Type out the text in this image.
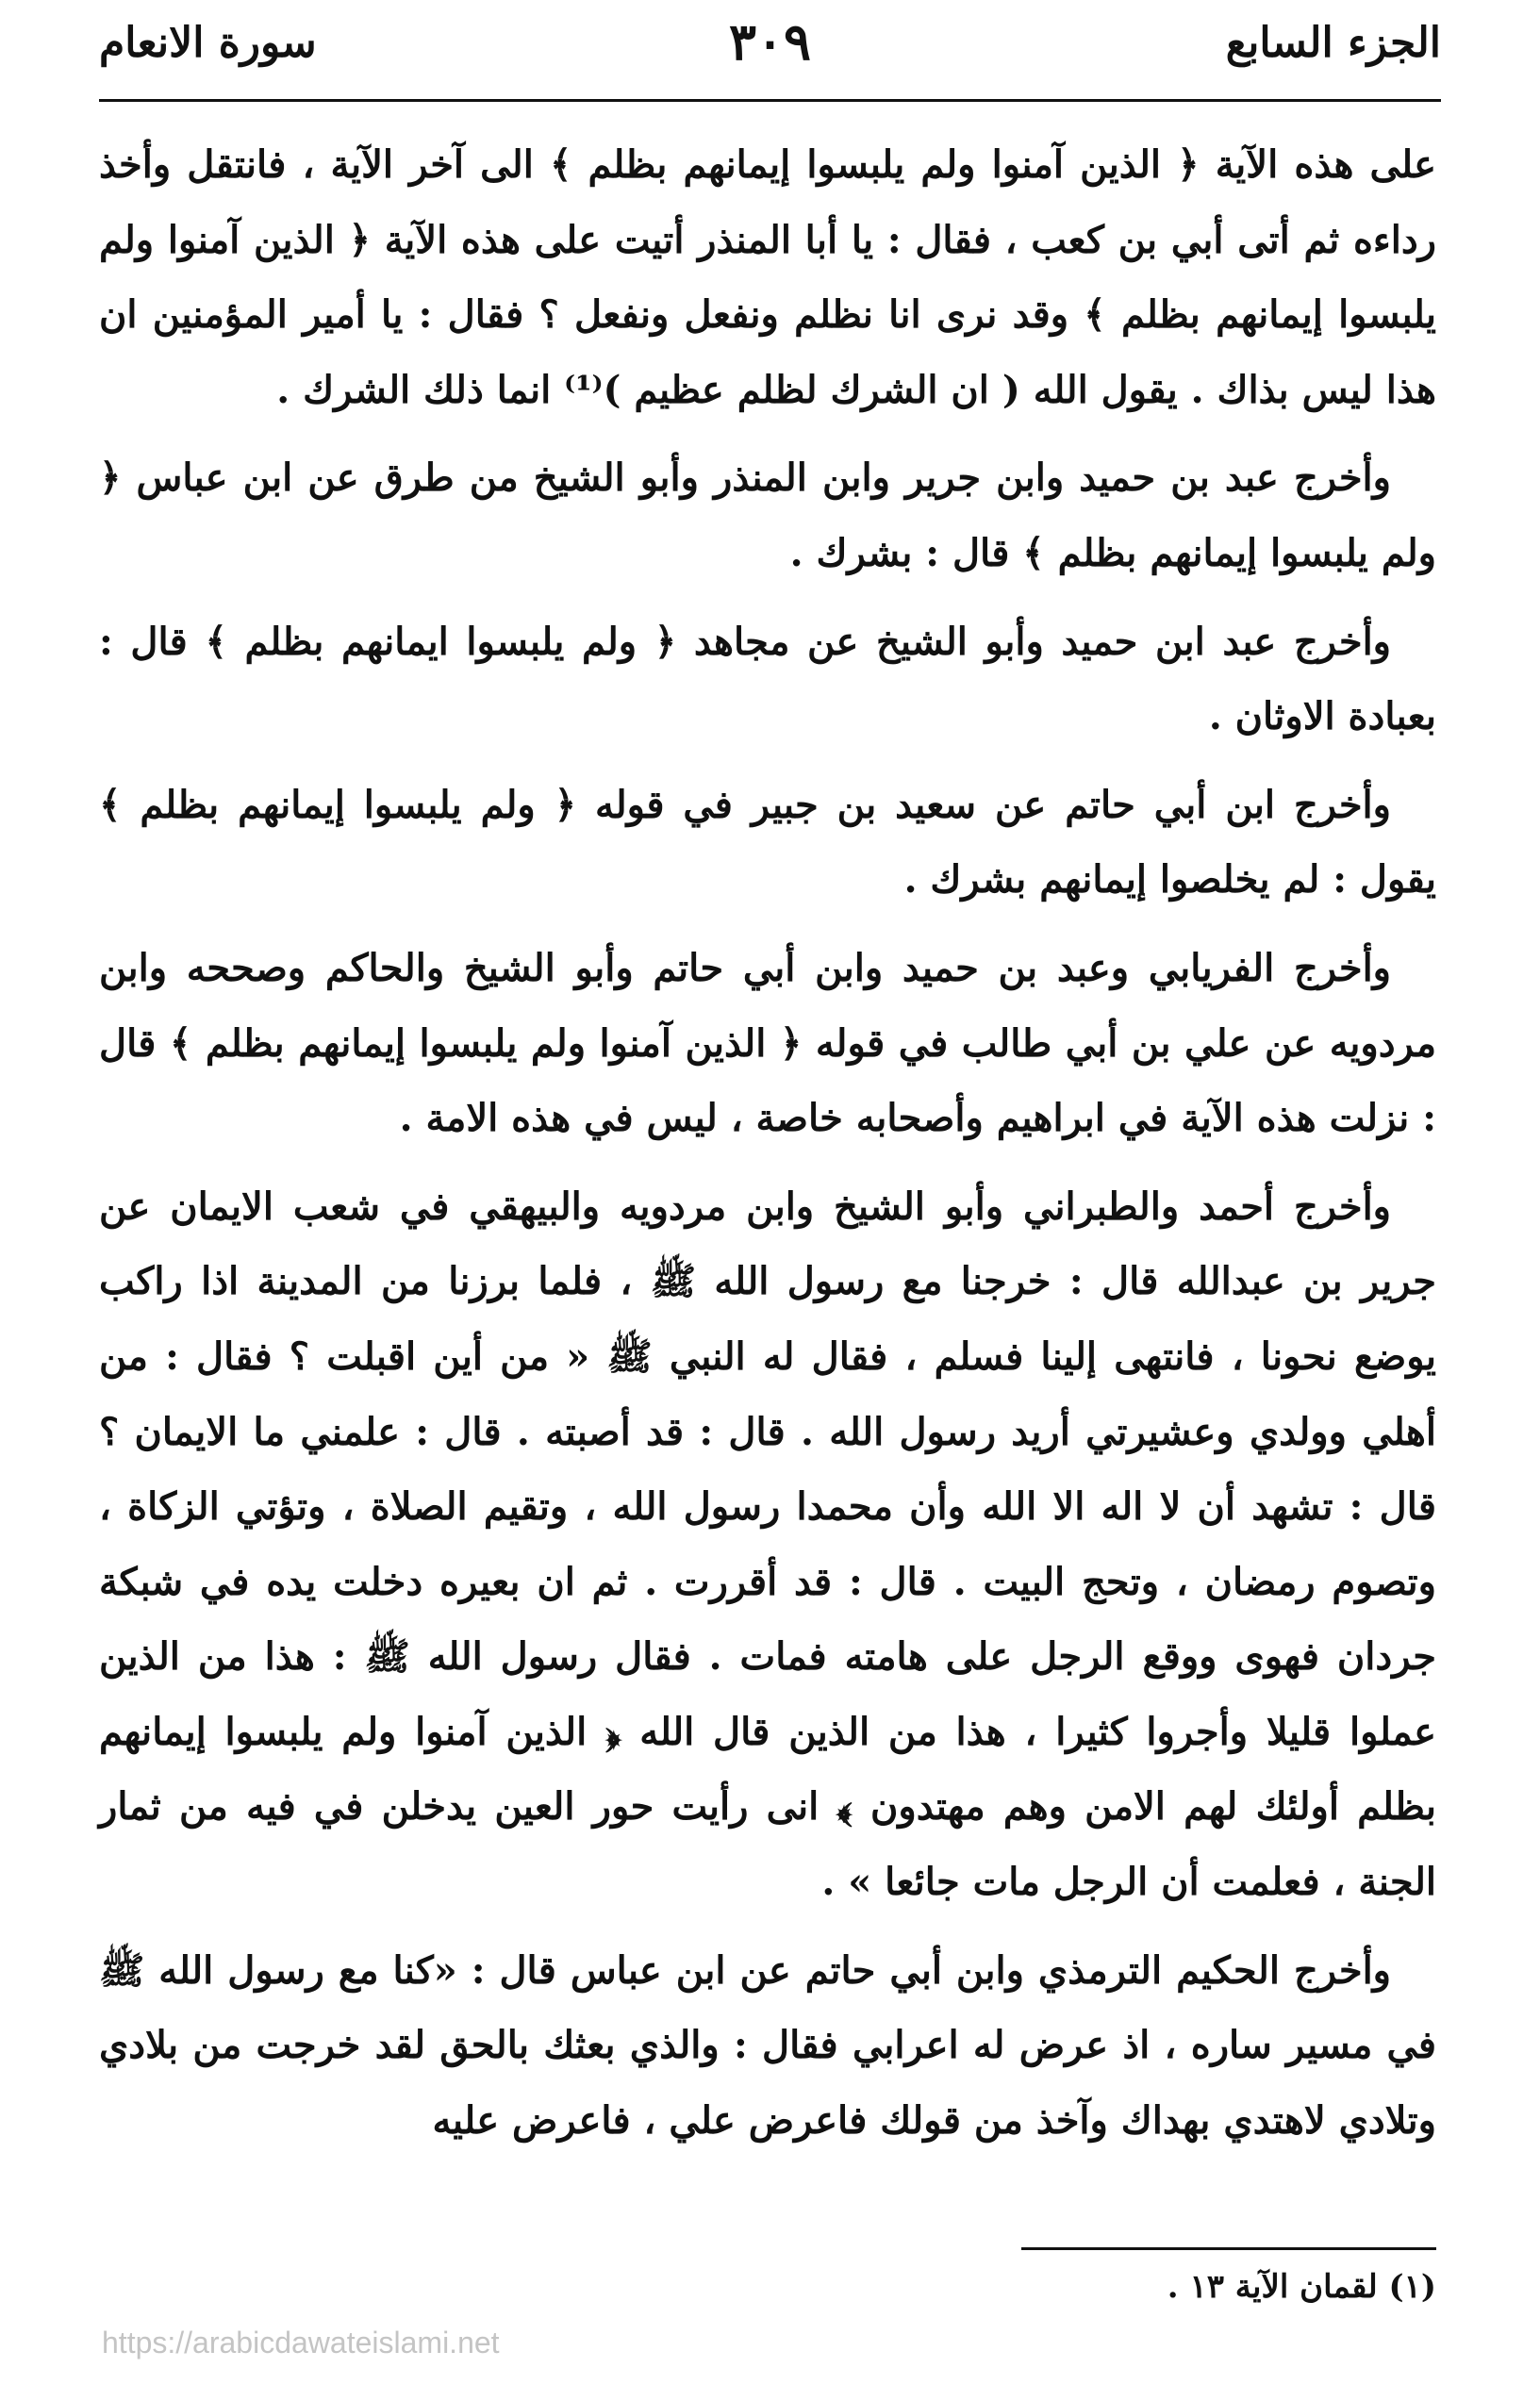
الجزء السابع
٣٠٩
سورة الانعام

على هذه الآية ﴿ الذين آمنوا ولم يلبسوا إيمانهم بظلم ﴾ الى آخر الآية ، فانتقل وأخذ رداءه ثم أتى أبي بن كعب ، فقال : يا أبا المنذر أتيت على هذه الآية ﴿ الذين آمنوا ولم يلبسوا إيمانهم بظلم ﴾ وقد نرى انا نظلم ونفعل ونفعل ؟ فقال : يا أمير المؤمنين ان هذا ليس بذاك . يقول الله ( ان الشرك لظلم عظيم )⁽¹⁾ انما ذلك الشرك .

وأخرج عبد بن حميد وابن جرير وابن المنذر وأبو الشيخ من طرق عن ابن عباس ﴿ ولم يلبسوا إيمانهم بظلم ﴾ قال : بشرك .

وأخرج عبد ابن حميد وأبو الشيخ عن مجاهد ﴿ ولم يلبسوا ايمانهم بظلم ﴾ قال : بعبادة الاوثان .

وأخرج ابن أبي حاتم عن سعيد بن جبير في قوله ﴿ ولم يلبسوا إيمانهم بظلم ﴾ يقول : لم يخلصوا إيمانهم بشرك .

وأخرج الفريابي وعبد بن حميد وابن أبي حاتم وأبو الشيخ والحاكم وصححه وابن مردويه عن علي بن أبي طالب في قوله ﴿ الذين آمنوا ولم يلبسوا إيمانهم بظلم ﴾ قال : نزلت هذه الآية في ابراهيم وأصحابه خاصة ، ليس في هذه الامة .

وأخرج أحمد والطبراني وأبو الشيخ وابن مردويه والبيهقي في شعب الايمان عن جرير بن عبدالله قال : خرجنا مع رسول الله ﷺ ، فلما برزنا من المدينة اذا راكب يوضع نحونا ، فانتهى إلينا فسلم ، فقال له النبي ﷺ « من أين اقبلت ؟ فقال : من أهلي وولدي وعشيرتي أريد رسول الله . قال : قد أصبته . قال : علمني ما الايمان ؟ قال : تشهد أن لا اله الا الله وأن محمدا رسول الله ، وتقيم الصلاة ، وتؤتي الزكاة ، وتصوم رمضان ، وتحج البيت . قال : قد أقررت . ثم ان بعيره دخلت يده في شبكة جردان فهوى ووقع الرجل على هامته فمات . فقال رسول الله ﷺ : هذا من الذين عملوا قليلا وأجروا كثيرا ، هذا من الذين قال الله ﴿ الذين آمنوا ولم يلبسوا إيمانهم بظلم أولئك لهم الامن وهم مهتدون ﴾ انى رأيت حور العين يدخلن في فيه من ثمار الجنة ، فعلمت أن الرجل مات جائعا » .

وأخرج الحكيم الترمذي وابن أبي حاتم عن ابن عباس قال : «كنا مع رسول الله ﷺ في مسير ساره ، اذ عرض له اعرابي فقال : والذي بعثك بالحق لقد خرجت من بلادي وتلادي لاهتدي بهداك وآخذ من قولك فاعرض علي ، فاعرض عليه

(١) لقمان الآية ١٣ .
https://arabicdawateislami.net
